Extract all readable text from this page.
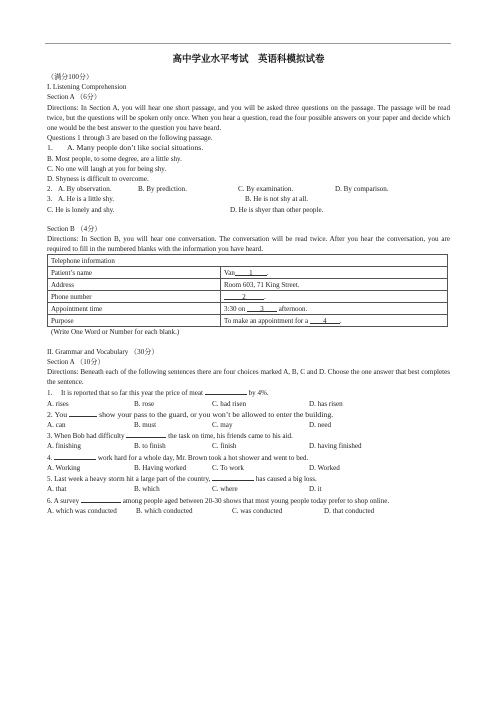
高中学业水平考试　英语科模拟试卷
（满分100分）
I. Listening Comprehension
Section A （6分）
Directions: In Section A, you will hear one short passage, and you will be asked three questions on the passage. The passage will be read twice, but the questions will be spoken only once. When you hear a question, read the four possible answers on your paper and decide which one would be the best answer to the question you have heard.
Questions 1 through 3 are based on the following passage.
1. A. Many people don’t like social situations.
B. Most people, to some degree, are a little shy.
C. No one will laugh at you for being shy.
D. Shyness is difficult to overcome.
2. A. By observation.	B. By prediction.	C. By examination.	D. By comparison.
3. A. He is a little shy.	B. He is not shy at all.
C. He is lonely and shy.	D. He is shyer than other people.
Section B （4分）
Directions: In Section B, you will hear one conversation. The conversation will be read twice. After you hear the conversation, you are required to fill in the numbered blanks with the information you have heard.
Telephone information	
Patient’s name	Van 1 .
Address	Room 603, 71 King Street.
Phone number	2 .
Appointment time	3:30 on 3 afternoon.
Purpose	To make an appointment for a 4 .
(Write One Word or Number for each blank.)
II. Grammar and Vocabulary （30分）
Section A （10分）
Directions: Beneath each of the following sentences there are four choices marked A, B, C and D. Choose the one answer that best completes the sentence.
1. It is reported that so far this year the price of meat	by 4%.
A. rises	B. rose	C. had risen	D. has risen
2. You	show your pass to the guard, or you won’t be allowed to enter the building.
A. can	B. must	C. may	D. need
3. When Bob had difficulty	the task on time, his friends came to his aid.
A. finishing	B. to finish	C. finish	D. having finished
4.	work hard for a whole day, Mr. Brown took a hot shower and went to bed.
A. Working	B. Having worked	C. To work	D. Worked
5. Last week a heavy storm hit a large part of the country,	has caused a big loss.
A. that	B. which	C. where	D. it
6. A survey	among people aged between 20-30 shows that most young people today prefer to shop online.
A. which was conducted	B. which conducted	C. was conducted	D. that conducted
